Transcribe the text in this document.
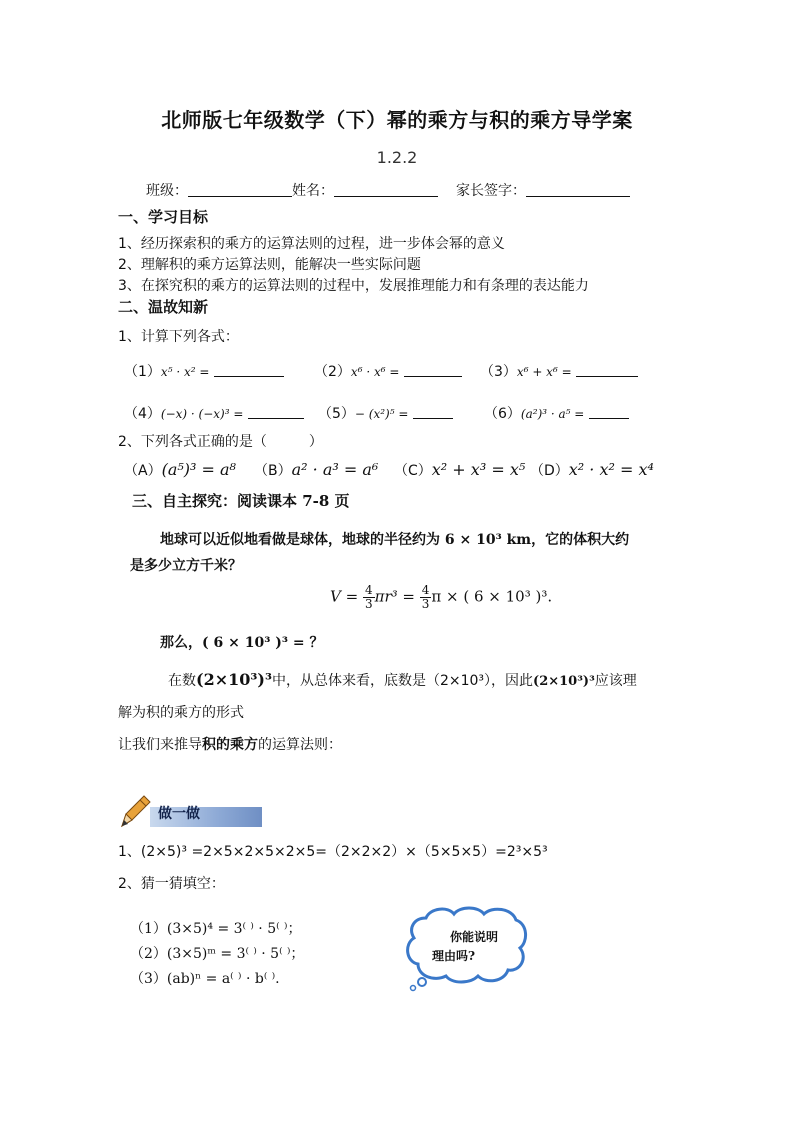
北师版七年级数学（下）幂的乘方与积的乘方导学案
1.2.2
班级：	姓名：	家长签字：
一、学习目标
1、经历探索积的乘方的运算法则的过程，进一步体会幂的意义
2、理解积的乘方运算法则，能解决一些实际问题
3、在探究积的乘方的运算法则的过程中，发展推理能力和有条理的表达能力
二、温故知新
1、计算下列各式：
（1）x⁵ · x² =	（2）x⁶ · x⁶ =	（3）x⁶ + x⁶ =
（4）(−x) · (−x)³ =	（5）− (x²)⁵ =	（6）(a²)³ · a⁵ =
2、下列各式正确的是（　　　）
（A）(a⁵)³ = a⁸ （B）a² · a³ = a⁶ （C）x² + x³ = x⁵ （D）x² · x² = x⁴
三、自主探究：阅读课本 7-8 页
地球可以近似地看做是球体，地球的半径约为 6 × 10³ km，它的体积大约
是多少立方千米？
$V = \frac{4}{3} \pi r^3 = \frac{4}{3}$ π × ( 6 × 10³ )³.
那么，( 6 × 10³ )³ = ？
在数(2×10³)³中，从总体来看，底数是（2×10³），因此(2×10³)³应该理
解为积的乘方的形式
让我们来推导积的乘方的运算法则：
做一做
1、(2×5)³ =2×5×2×5×2×5=（2×2×2）×（5×5×5）=2³×5³
2、猜一猜填空：
（1）(3×5)⁴ = 3⁽ ⁾ · 5⁽ ⁾；
（2）(3×5)ᵐ = 3⁽ ⁾ · 5⁽ ⁾；
（3）(ab)ⁿ = a⁽ ⁾ · b⁽ ⁾.
你能说明
理由吗?
